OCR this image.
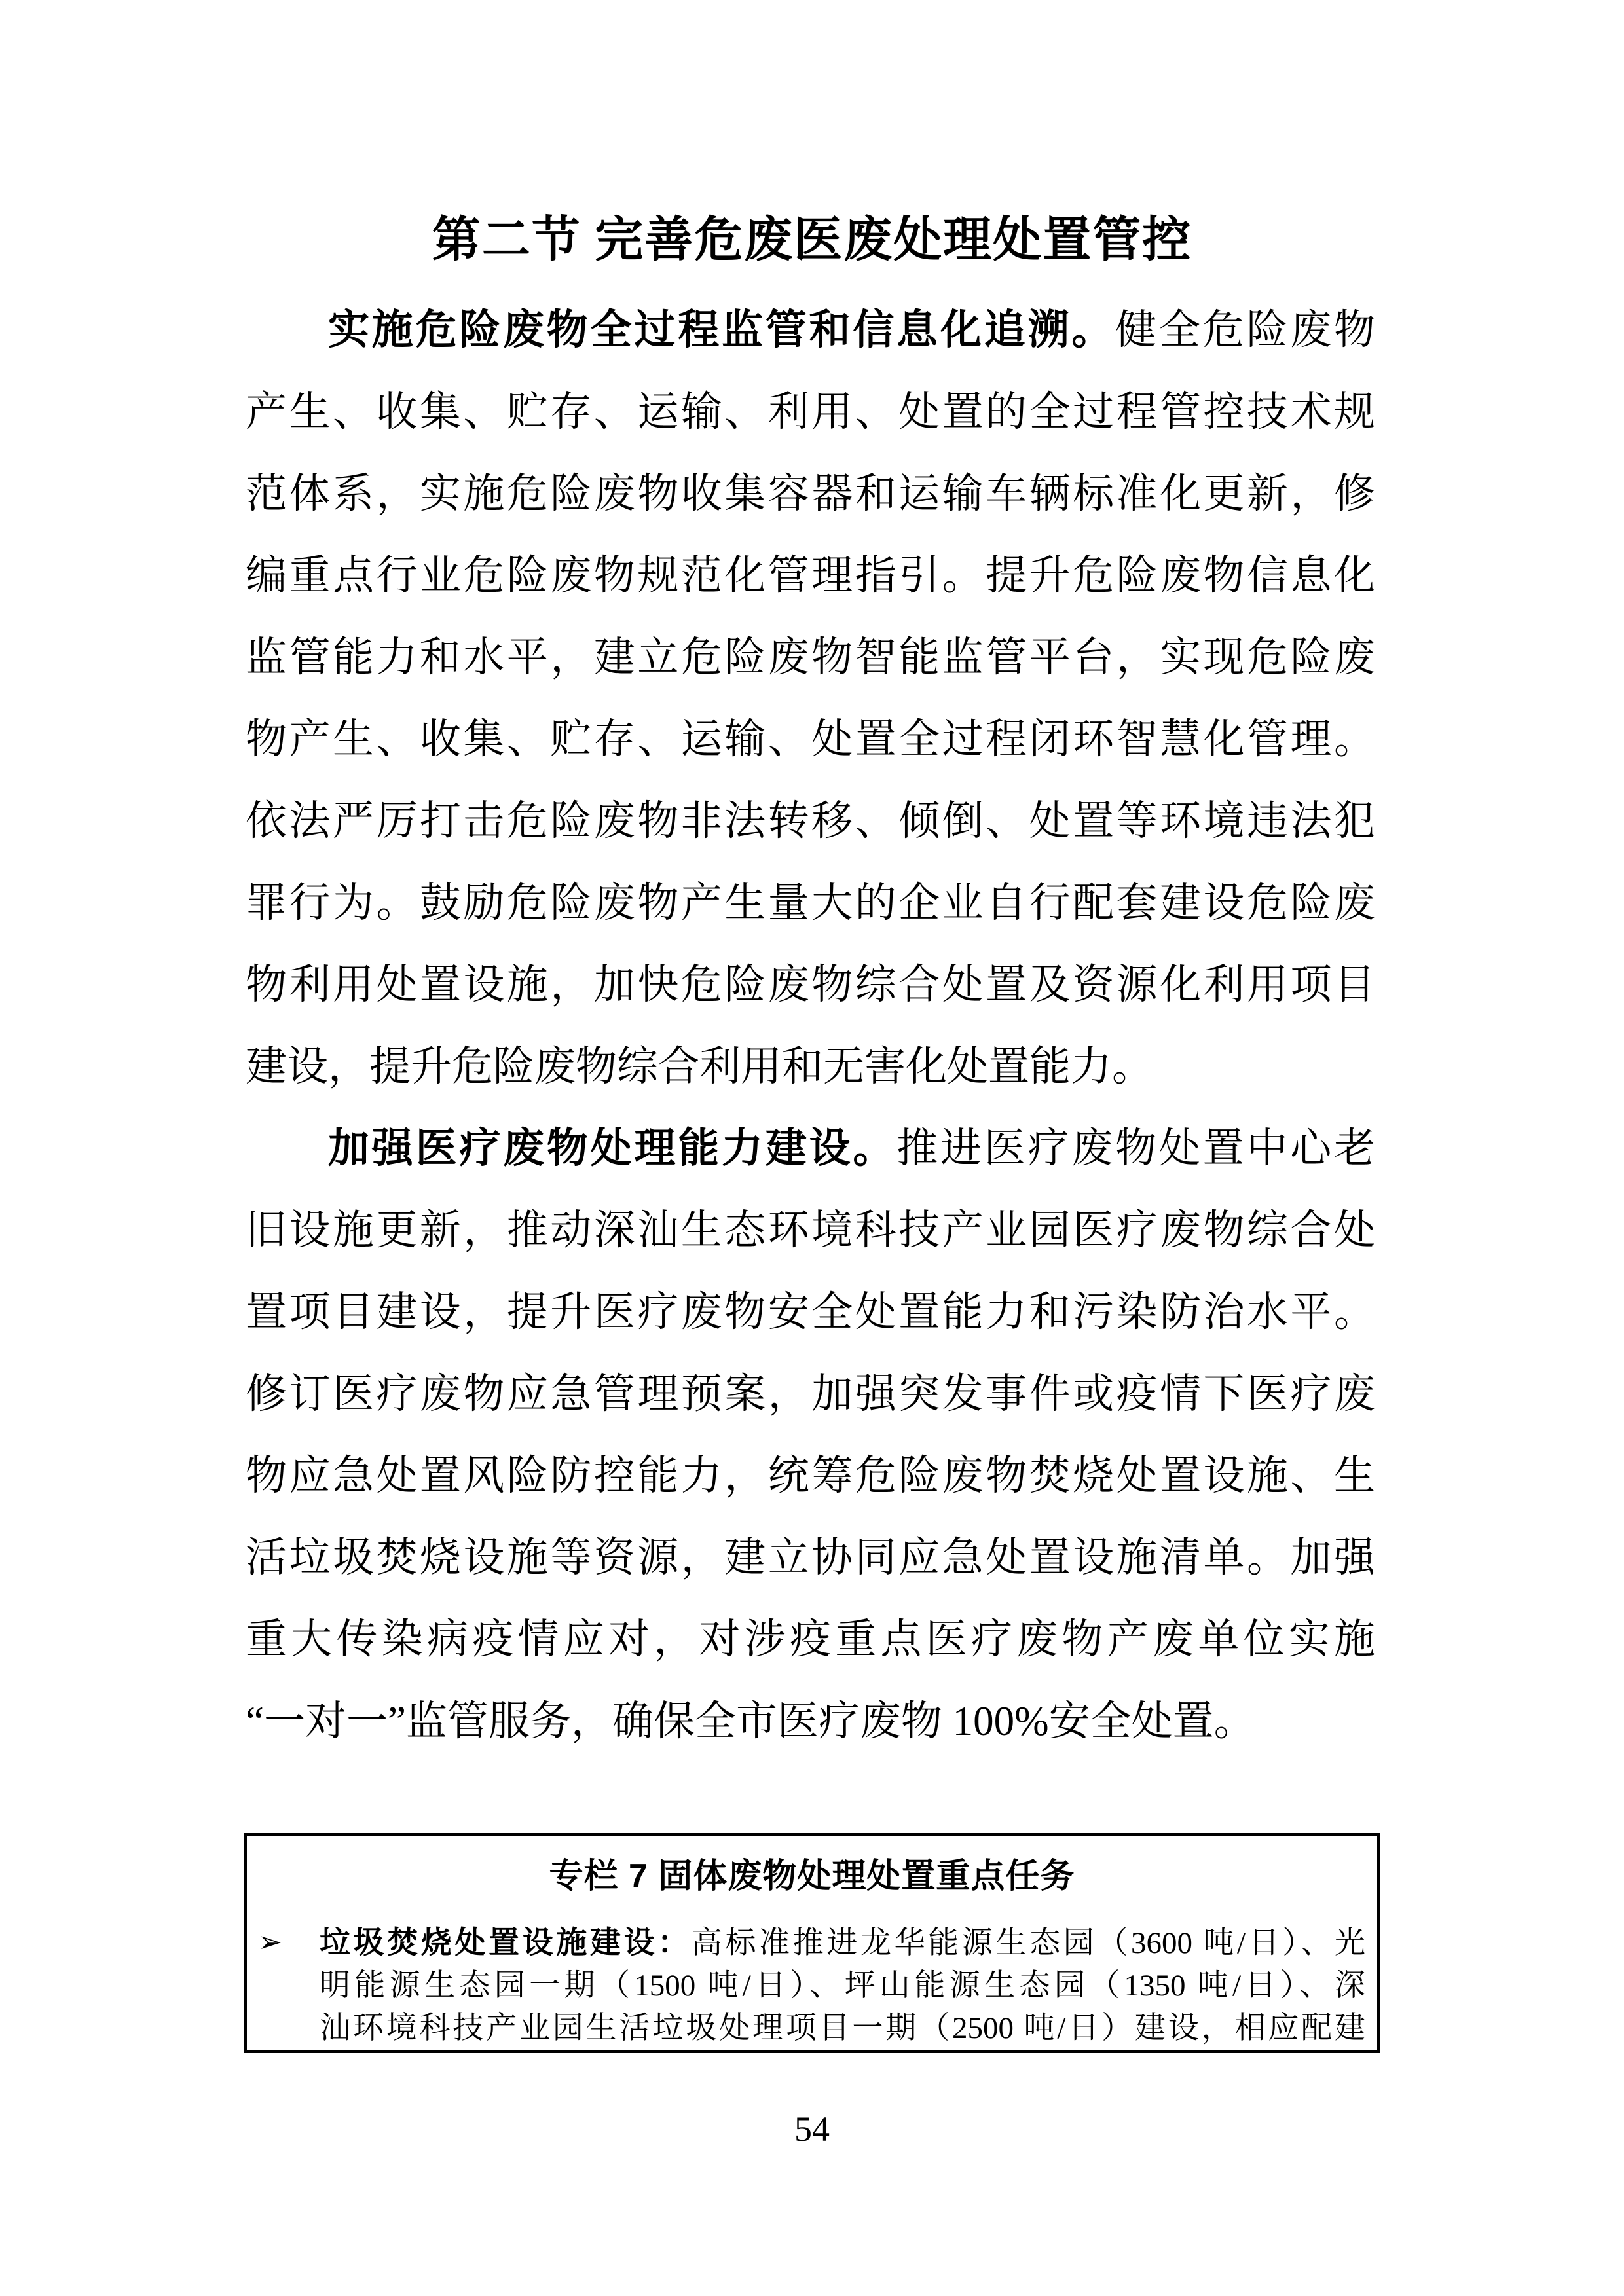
第二节 完善危废医废处理处置管控
实施危险废物全过程监管和信息化追溯。健全危险废物
产生、收集、贮存、运输、利用、处置的全过程管控技术规
范体系，实施危险废物收集容器和运输车辆标准化更新，修
编重点行业危险废物规范化管理指引。提升危险废物信息化
监管能力和水平，建立危险废物智能监管平台，实现危险废
物产生、收集、贮存、运输、处置全过程闭环智慧化管理。
依法严厉打击危险废物非法转移、倾倒、处置等环境违法犯
罪行为。鼓励危险废物产生量大的企业自行配套建设危险废
物利用处置设施，加快危险废物综合处置及资源化利用项目
建设，提升危险废物综合利用和无害化处置能力。
加强医疗废物处理能力建设。推进医疗废物处置中心老
旧设施更新，推动深汕生态环境科技产业园医疗废物综合处
置项目建设，提升医疗废物安全处置能力和污染防治水平。
修订医疗废物应急管理预案，加强突发事件或疫情下医疗废
物应急处置风险防控能力，统筹危险废物焚烧处置设施、生
活垃圾焚烧设施等资源，建立协同应急处置设施清单。加强
重大传染病疫情应对，对涉疫重点医疗废物产废单位实施
“一对一”监管服务，确保全市医疗废物 100%安全处置。
专栏 7 固体废物处理处置重点任务
➢ 垃圾焚烧处置设施建设：高标准推进龙华能源生态园（3600 吨/日）、光
明能源生态园一期（1500 吨/日）、坪山能源生态园（1350 吨/日）、深
汕环境科技产业园生活垃圾处理项目一期（2500 吨/日）建设，相应配建
54
